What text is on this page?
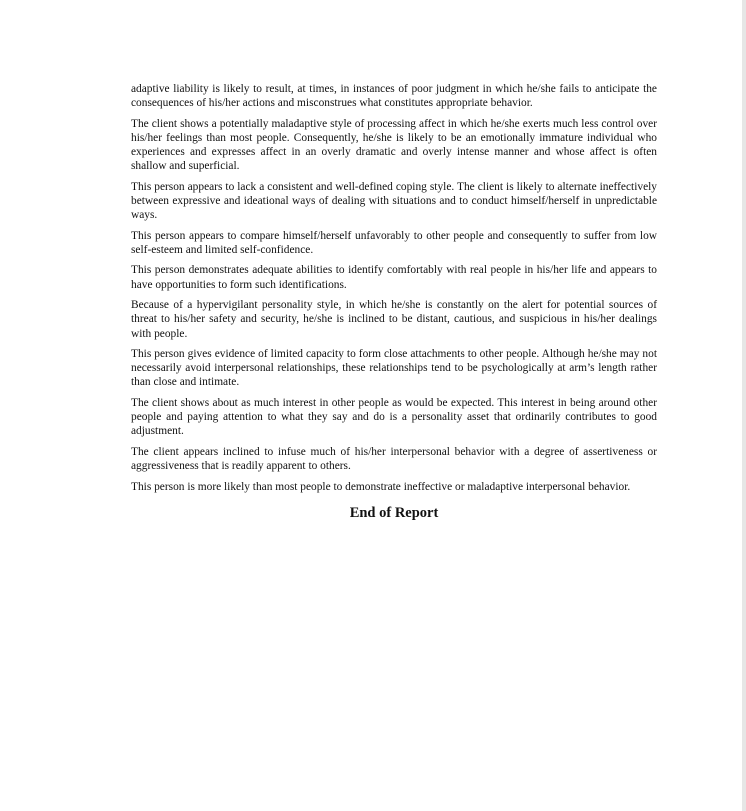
adaptive liability is likely to result, at times, in instances of poor judgment in which he/she fails to anticipate the consequences of his/her actions and misconstrues what constitutes appropriate behavior.

The client shows a potentially maladaptive style of processing affect in which he/she exerts much less control over his/her feelings than most people. Consequently, he/she is likely to be an emotionally immature individual who experiences and expresses affect in an overly dramatic and overly intense manner and whose affect is often shallow and superficial.

This person appears to lack a consistent and well-defined coping style. The client is likely to alternate ineffectively between expressive and ideational ways of dealing with situations and to conduct himself/herself in unpredictable ways.

This person appears to compare himself/herself unfavorably to other people and consequently to suffer from low self-esteem and limited self-confidence.

This person demonstrates adequate abilities to identify comfortably with real people in his/her life and appears to have opportunities to form such identifications.

Because of a hypervigilant personality style, in which he/she is constantly on the alert for potential sources of threat to his/her safety and security, he/she is inclined to be distant, cautious, and suspicious in his/her dealings with people.

This person gives evidence of limited capacity to form close attachments to other people. Although he/she may not necessarily avoid interpersonal relationships, these relationships tend to be psychologically at arm’s length rather than close and intimate.

The client shows about as much interest in other people as would be expected. This interest in being around other people and paying attention to what they say and do is a personality asset that ordinarily contributes to good adjustment.

The client appears inclined to infuse much of his/her interpersonal behavior with a degree of assertiveness or aggressiveness that is readily apparent to others.

This person is more likely than most people to demonstrate ineffective or maladaptive interpersonal behavior.

End of Report
